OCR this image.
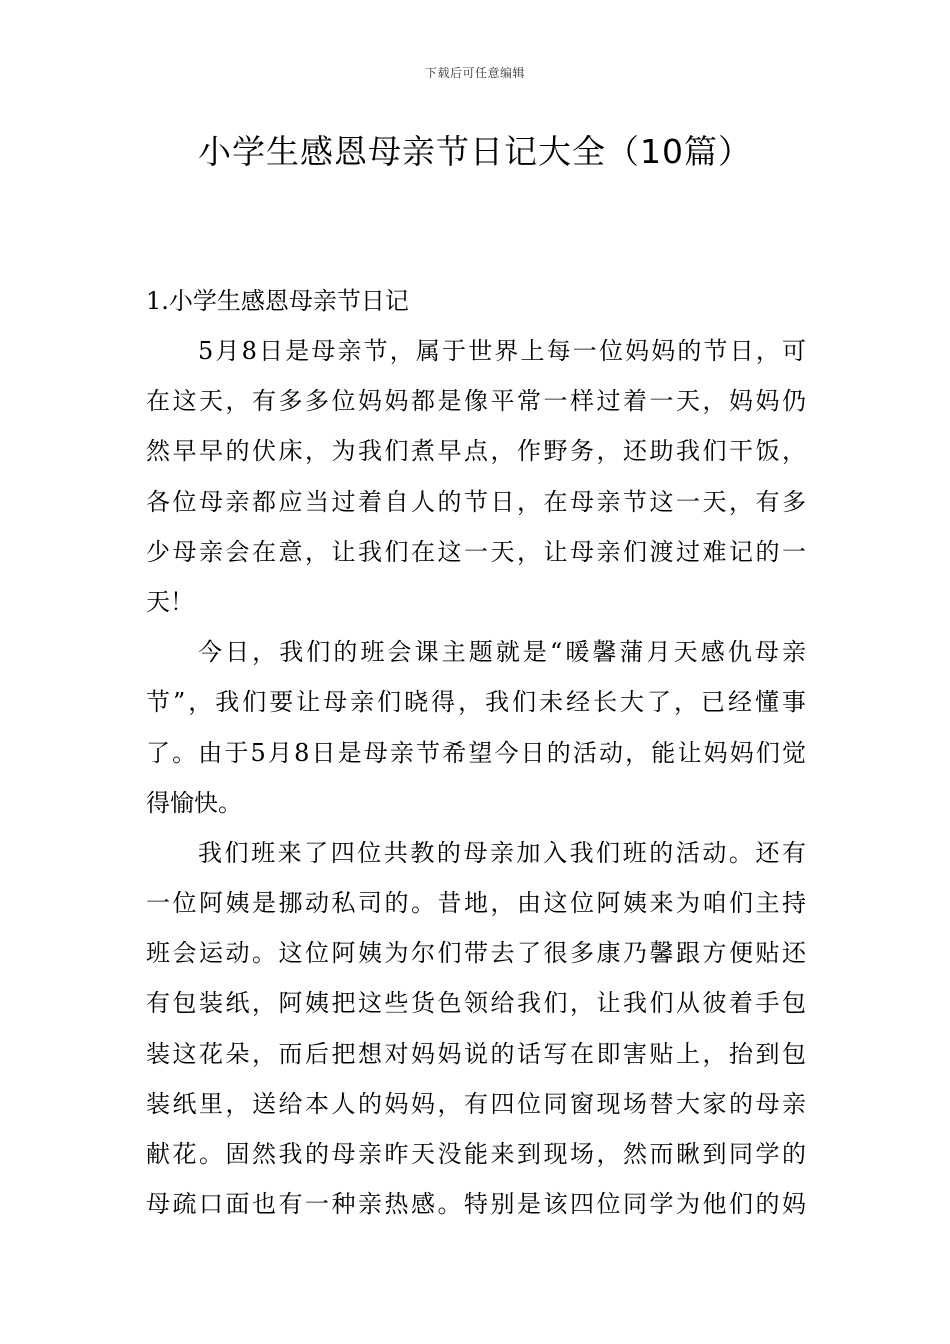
下载后可任意编辑
小学生感恩母亲节日记大全（10篇）
1.小学生感恩母亲节日记

5月8日是母亲节，属于世界上每一位妈妈的节日，可
在这天，有多多位妈妈都是像平常一样过着一天，妈妈仍
然早早的伏床，为我们煮早点，作野务，还助我们干饭，
各位母亲都应当过着自人的节日，在母亲节这一天，有多
少母亲会在意，让我们在这一天，让母亲们渡过难记的一
天！

今日，我们的班会课主题就是“暖馨蒲月天感仇母亲
节”，我们要让母亲们晓得，我们未经长大了，已经懂事
了。由于5月8日是母亲节希望今日的活动，能让妈妈们觉
得愉快。

我们班来了四位共教的母亲加入我们班的活动。还有
一位阿姨是挪动私司的。昔地，由这位阿姨来为咱们主持
班会运动。这位阿姨为尔们带去了很多康乃馨跟方便贴还
有包装纸，阿姨把这些货色领给我们，让我们从彼着手包
装这花朵，而后把想对妈妈说的话写在即害贴上，抬到包
装纸里，送给本人的妈妈，有四位同窗现场替大家的母亲
献花。固然我的母亲昨天没能来到现场，然而瞅到同学的
母疏口面也有一种亲热感。特别是该四位同学为他们的妈
